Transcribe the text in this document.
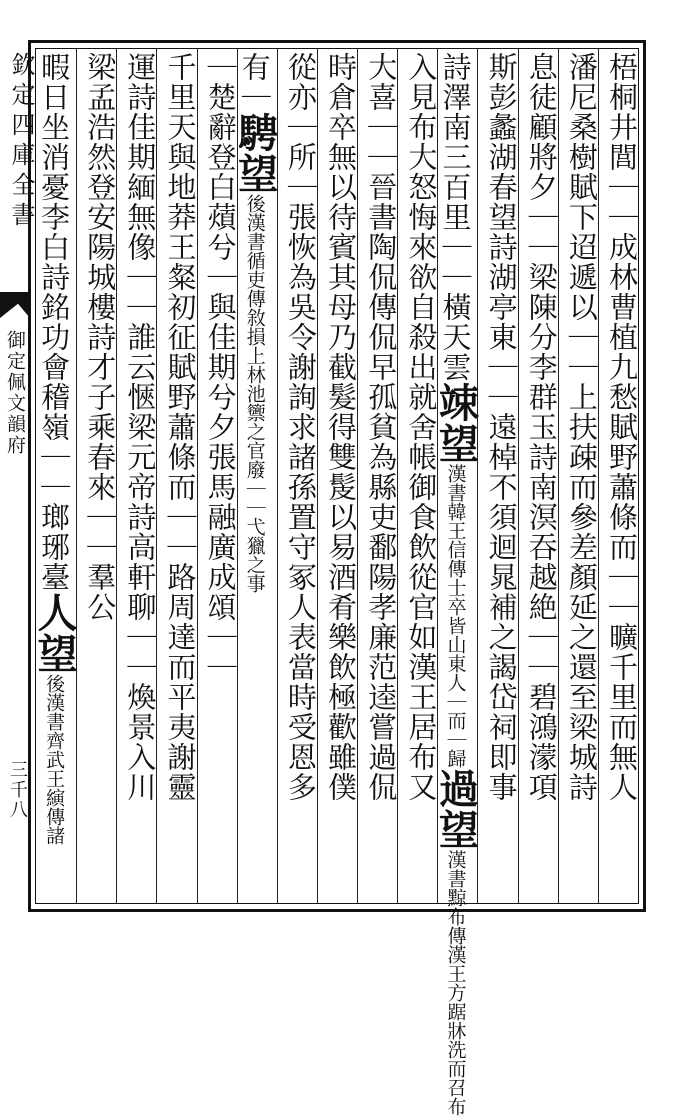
欽定四庫全書
御定佩文韻府
三千八	梧桐井閭｜｜成林曹植九愁賦野蕭條而｜｜曠千里而無人
潘尼桑樹賦下迢遞以｜｜上扶疎而參差顏延之還至梁城詩
息徒顧將夕｜｜梁陳分李群玉詩南溟吞越絶｜｜碧鴻濛項
斯彭蠡湖春望詩湖亭東｜｜遠棹不須迴晁補之謁岱祠即事
詩澤南三百里｜｜橫天雲竦望漢書韓王信傳士卒皆山東人｜而｜歸過望漢書黥布傳漢王方踞牀洗而召布
入見布大怒悔來欲自殺出就舍帳御食飲從官如漢王居布又
大喜｜｜晉書陶侃傳侃早孤貧為縣吏鄱陽孝廉范逵嘗過侃
時倉卒無以待賓其母乃截髮得雙髲以易酒肴樂飲極歡雖僕
從亦｜所｜張恢為吳令謝詢求諸孫置守冢人表當時受恩多
有｜騁望後漢書循吏傳敘損上林池籞之官廢｜｜弋獵之事
｜楚辭登白薠兮｜與佳期兮夕張馬融廣成頌｜｜
千里天與地莽王粲初征賦野蕭條而｜｜路周達而平夷謝靈
運詩佳期緬無像｜｜誰云愜梁元帝詩高軒聊｜｜煥景入川
梁孟浩然登安陽城樓詩才子乘春來｜｜羣公
暇日坐消憂李白詩銘功會稽嶺｜｜瑯琊臺人望後漢書齊武王縯傳諸
